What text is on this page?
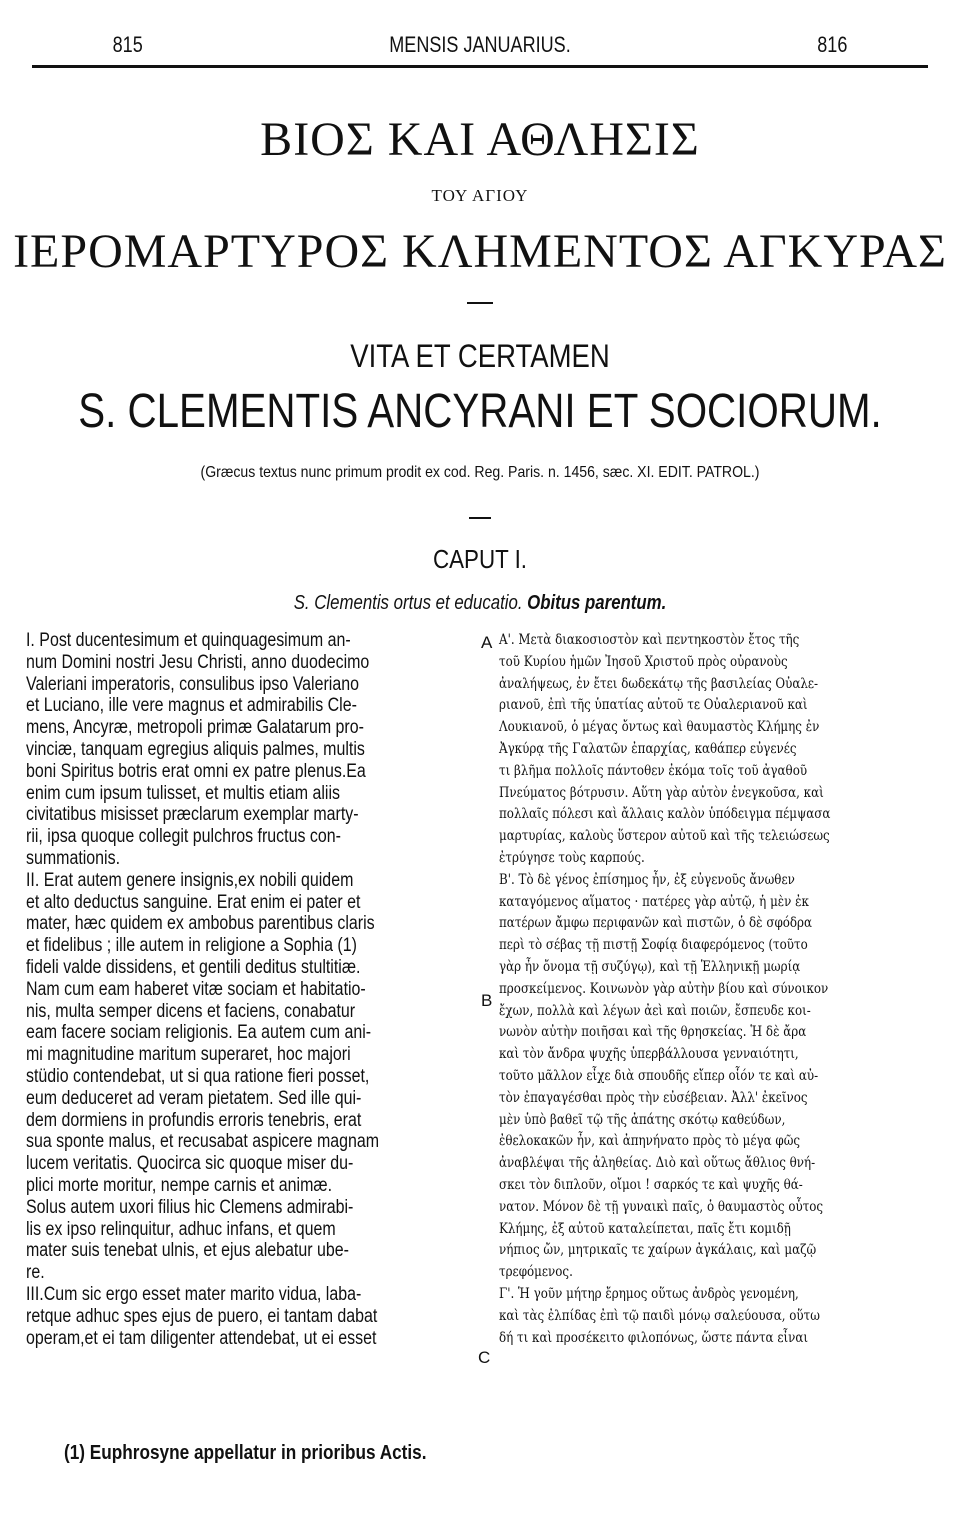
815	MENSIS JANUARIUS.	816
ΒΙΟΣ ΚΑΙ ΑΘΛΗΣΙΣ
ΤΟΥ ΑΓΙΟΥ
ΙΕΡΟΜΑΡΤΥΡΟΣ ΚΛΗΜΕΝΤΟΣ ΑΓΚΥΡΑΣ
VITA ET CERTAMEN
S. CLEMENTIS ANCYRANI ET SOCIORUM.
(Græcus textus nunc primum prodit ex cod. Reg. Paris. n. 1456, sæc. XI. EDIT. PATROL.)
CAPUT I.
S. Clementis ortus et educatio. Obitus parentum.
I. Post ducentesimum et quinquagesimum an-
num Domini nostri Jesu Christi, anno duodecimo
Valeriani imperatoris, consulibus ipso Valeriano
et Luciano, ille vere magnus et admirabilis Cle-
mens, Ancyræ, metropoli primæ Galatarum pro-
vinciæ, tanquam egregius aliquis palmes, multis
boni Spiritus botris erat omni ex patre plenus.Ea
enim cum ipsum tulisset, et multis etiam aliis
civitatibus misisset præclarum exemplar marty-
rii, ipsa quoque collegit pulchros fructus con-
summationis.
II. Erat autem genere insignis,ex nobili quidem
et alto deductus sanguine. Erat enim ei pater et
mater, hæc quidem ex ambobus parentibus claris
et fidelibus ; ille autem in religione a Sophia (1)
fideli valde dissidens, et gentili deditus stultitiæ.
Nam cum eam haberet vitæ sociam et habitatio-
nis, multa semper dicens et faciens, conabatur
eam facere sociam religionis. Ea autem cum ani-
mi magnitudine maritum superaret, hoc majori
stüdio contendebat, ut si qua ratione fieri posset,
eum deduceret ad veram pietatem. Sed ille qui-
dem dormiens in profundis erroris tenebris, erat
sua sponte malus, et recusabat aspicere magnam
lucem veritatis. Quocirca sic quoque miser du-
plici morte moritur, nempe carnis et animæ.
Solus autem uxori filius hic Clemens admirabi-
lis ex ipso relinquitur, adhuc infans, et quem
mater suis tenebat ulnis, et ejus alebatur ube-
re.
III.Cum sic ergo esset mater marito vidua, laba-
retque adhuc spes ejus de puero, ei tantam dabat
operam,et ei tam diligenter attendebat, ut ei esset
Α'. Μετὰ διακοσιοστὸν καὶ πεντηκοστὸν ἔτος τῆς
τοῦ Κυρίου ἡμῶν Ἰησοῦ Χριστοῦ πρὸς οὐρανοὺς
ἀναλήψεως, ἐν ἔτει δωδεκάτῳ τῆς βασιλείας Οὐαλε-
ριανοῦ, ἐπὶ τῆς ὑπατίας αὐτοῦ τε Οὐαλεριανοῦ καὶ
Λουκιανοῦ, ὁ μέγας ὄντως καὶ θαυμαστὸς Κλήμης ἐν
Ἀγκύρᾳ τῆς Γαλατῶν ἐπαρχίας, καθάπερ εὐγενές
τι βλῆμα πολλοῖς πάντοθεν ἐκόμα τοῖς τοῦ ἀγαθοῦ
Πνεύματος βότρυσιν. Αὕτη γὰρ αὐτὸν ἐνεγκοῦσα, καὶ
πολλαῖς πόλεσι καὶ ἄλλαις καλὸν ὑπόδειγμα πέμψασα
μαρτυρίας, καλοὺς ὕστερον αὐτοῦ καὶ τῆς τελειώσεως
ἐτρύγησε τοὺς καρπούς.
Β'. Τὸ δὲ γένος ἐπίσημος ἦν, ἐξ εὐγενοῦς ἄνωθεν
καταγόμενος αἵματος · πατέρες γὰρ αὐτῷ, ἡ μὲν ἐκ
πατέρων ἄμφω περιφανῶν καὶ πιστῶν, ὁ δὲ σφόδρα
περὶ τὸ σέβας τῇ πιστῇ Σοφίᾳ διαφερόμενος (τοῦτο
γὰρ ἦν ὄνομα τῇ συζύγῳ), καὶ τῇ Ἑλληνικῇ μωρίᾳ
προσκείμενος. Κοινωνὸν γὰρ αὐτὴν βίου καὶ σύνοικον
ἔχων, πολλὰ καὶ λέγων ἀεὶ καὶ ποιῶν, ἔσπευδε κοι-
νωνὸν αὐτὴν ποιῆσαι καὶ τῆς θρησκείας. Ἡ δὲ ἄρα
καὶ τὸν ἄνδρα ψυχῆς ὑπερβάλλουσα γενναιότητι,
τοῦτο μᾶλλον εἶχε διὰ σπουδῆς εἴπερ οἷόν τε καὶ αὐ-
τὸν ἐπαγαγέσθαι πρὸς τὴν εὐσέβειαν. Ἀλλ' ἐκεῖνος
μὲν ὑπὸ βαθεῖ τῷ τῆς ἀπάτης σκότῳ καθεύδων,
ἐθελοκακῶν ἦν, καὶ ἀπηνήνατο πρὸς τὸ μέγα φῶς
ἀναβλέψαι τῆς ἀληθείας. Διὸ καὶ οὕτως ἄθλιος θνή-
σκει τὸν διπλοῦν, οἴμοι ! σαρκός τε καὶ ψυχῆς θά-
νατον. Μόνον δὲ τῇ γυναικὶ παῖς, ὁ θαυμαστὸς οὗτος
Κλήμης, ἐξ αὐτοῦ καταλείπεται, παῖς ἔτι κομιδῇ
νήπιος ὤν, μητρικαῖς τε χαίρων ἀγκάλαις, καὶ μαζῷ
τρεφόμενος.
Γ'. Ἡ γοῦν μήτηρ ἔρημος οὕτως ἀνδρὸς γενομένη,
καὶ τὰς ἐλπίδας ἐπὶ τῷ παιδὶ μόνῳ σαλεύουσα, οὕτω
δή τι καὶ προσέκειτο φιλοπόνως, ὥστε πάντα εἶναι
A
B
C
(1) Euphrosyne appellatur in prioribus Actis.
